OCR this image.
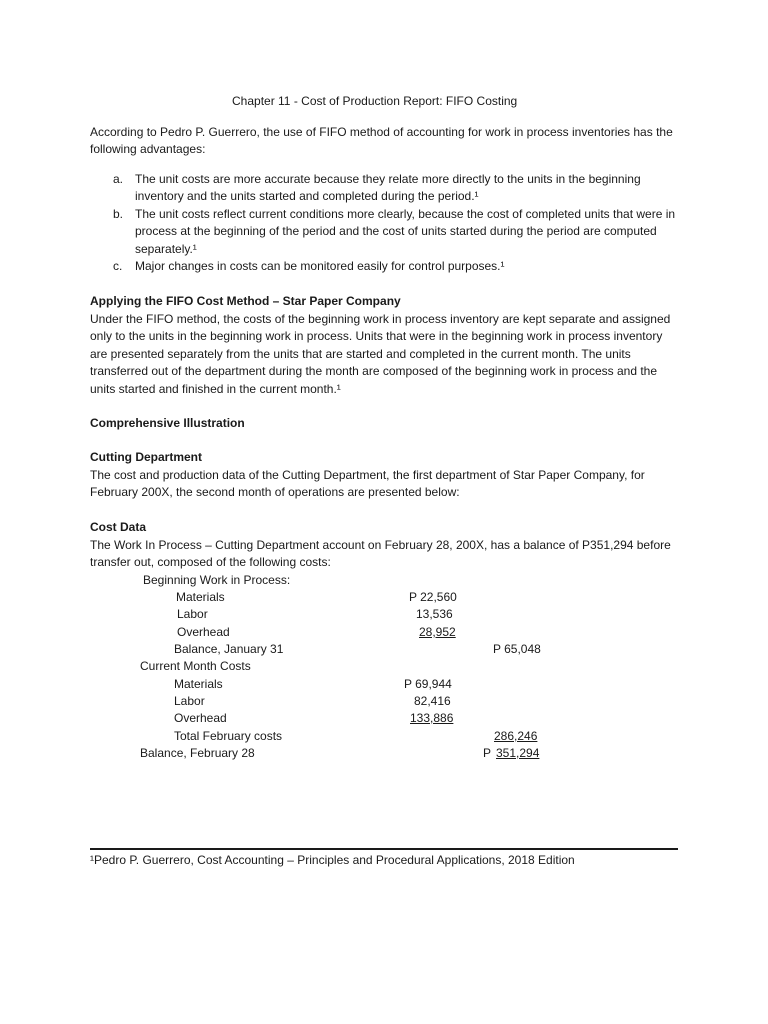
Chapter 11 - Cost of Production Report: FIFO Costing
According to Pedro P. Guerrero, the use of FIFO method of accounting for work in process inventories has the following advantages:
a. The unit costs are more accurate because they relate more directly to the units in the beginning inventory and the units started and completed during the period.¹
b. The unit costs reflect current conditions more clearly, because the cost of completed units that were in process at the beginning of the period and the cost of units started during the period are computed separately.¹
c.	Major changes in costs can be monitored easily for control purposes.¹
Applying the FIFO Cost Method – Star Paper Company
Under the FIFO method, the costs of the beginning work in process inventory are kept separate and assigned only to the units in the beginning work in process. Units that were in the beginning work in process inventory are presented separately from the units that are started and completed in the current month. The units transferred out of the department during the month are composed of the beginning work in process and the units started and finished in the current month.¹
Comprehensive Illustration
Cutting Department
The cost and production data of the Cutting Department, the first department of Star Paper Company, for February 200X, the second month of operations are presented below:
Cost Data
The Work In Process – Cutting Department account on February 28, 200X, has a balance of P351,294 before transfer out, composed of the following costs:
Beginning Work in Process:
Materials	P 22,560
Labor	13,536
Overhead	28,952
Balance, January 31	P 65,048
Current Month Costs
Materials	P 69,944
Labor	82,416
Overhead	133,886
Total February costs	286,246
Balance, February 28	P 351,294
¹Pedro P. Guerrero, Cost Accounting – Principles and Procedural Applications, 2018 Edition
